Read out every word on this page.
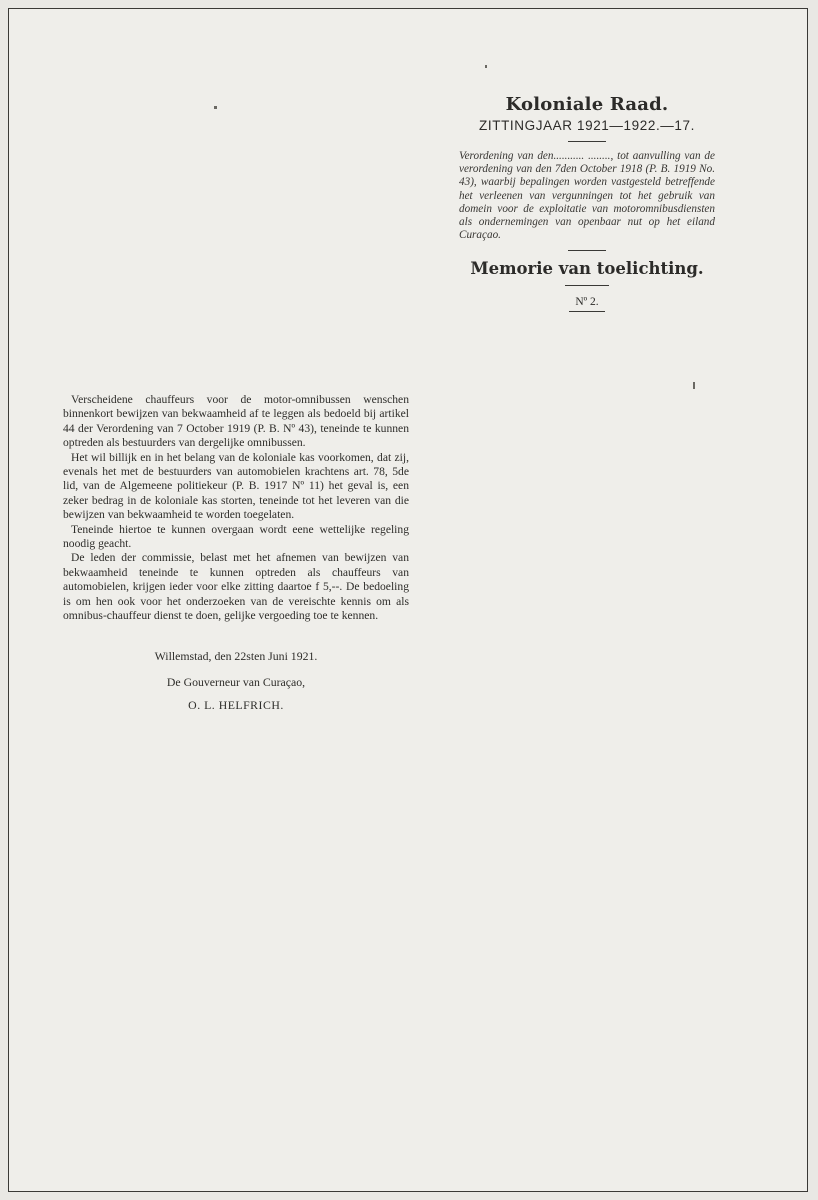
Koloniale Raad.
ZITTINGJAAR 1921—1922.—17.
Verordening van den........... ........, tot aanvulling van de verordening van den 7den October 1918 (P. B. 1919 No. 43), waarbij bepalingen worden vastgesteld betreffende het verleenen van vergunningen tot het gebruik van domein voor de exploitatie van motoromnibusdiensten als ondernemingen van openbaar nut op het eiland Curaçao.
Memorie van toelichting.
Nº 2.

Verscheidene chauffeurs voor de motor-omnibussen wenschen binnenkort bewijzen van bekwaamheid af te leggen als bedoeld bij artikel 44 der Verordening van 7 October 1919 (P. B. Nº 43), teneinde te kunnen optreden als bestuurders van dergelijke omnibussen.

Het wil billijk en in het belang van de koloniale kas voorkomen, dat zij, evenals het met de bestuurders van automobielen krachtens art. 78, 5de lid, van de Algemeene politiekeur (P. B. 1917 Nº 11) het geval is, een zeker bedrag in de koloniale kas storten, teneinde tot het leveren van die bewijzen van bekwaamheid te worden toegelaten.

Teneinde hiertoe te kunnen overgaan wordt eene wettelijke regeling noodig geacht.

De leden der commissie, belast met het afnemen van bewijzen van bekwaamheid teneinde te kunnen optreden als chauffeurs van automobielen, krijgen ieder voor elke zitting daartoe f 5,--. De bedoeling is om hen ook voor het onderzoeken van de vereischte kennis om als omnibus-chauffeur dienst te doen, gelijke vergoeding toe te kennen.

Willemstad, den 22sten Juni 1921.
De Gouverneur van Curaçao,
O. L. HELFRICH.
